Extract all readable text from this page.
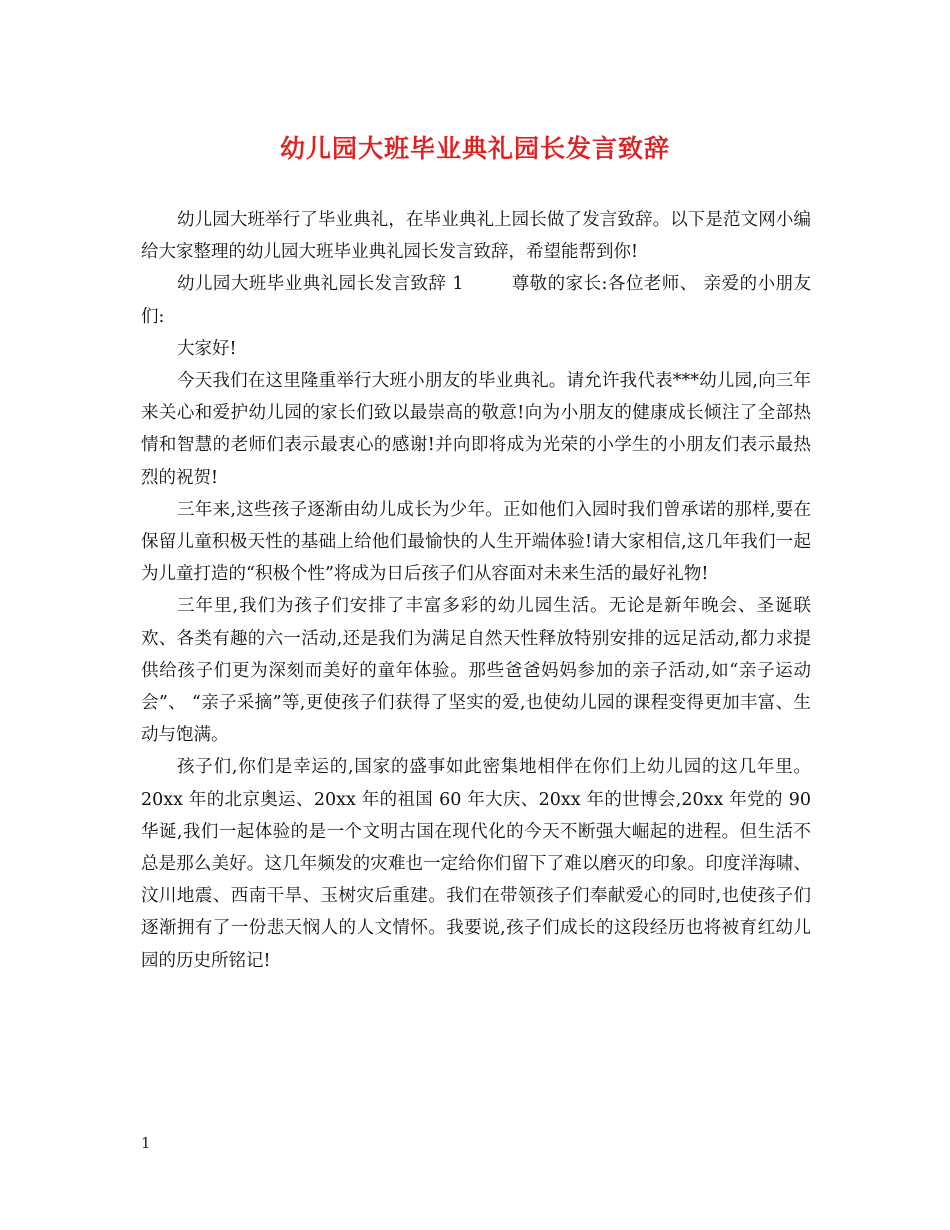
幼儿园大班毕业典礼园长发言致辞

幼儿园大班举行了毕业典礼，在毕业典礼上园长做了发言致辞。以下是范文网小编给大家整理的幼儿园大班毕业典礼园长发言致辞，希望能帮到你!

幼儿园大班毕业典礼园长发言致辞 1        尊敬的家长:各位老师、 亲爱的小朋友们:

大家好!

今天我们在这里隆重举行大班小朋友的毕业典礼。请允许我代表***幼儿园,向三年来关心和爱护幼儿园的家长们致以最崇高的敬意!向为小朋友的健康成长倾注了全部热情和智慧的老师们表示最衷心的感谢!并向即将成为光荣的小学生的小朋友们表示最热烈的祝贺!

三年来,这些孩子逐渐由幼儿成长为少年。正如他们入园时我们曾承诺的那样,要在保留儿童积极天性的基础上给他们最愉快的人生开端体验!请大家相信,这几年我们一起为儿童打造的“积极个性”将成为日后孩子们从容面对未来生活的最好礼物!

三年里,我们为孩子们安排了丰富多彩的幼儿园生活。无论是新年晚会、圣诞联欢、各类有趣的六一活动,还是我们为满足自然天性释放特别安排的远足活动,都力求提供给孩子们更为深刻而美好的童年体验。那些爸爸妈妈参加的亲子活动,如“亲子运动会”、 “亲子采摘”等,更使孩子们获得了坚实的爱,也使幼儿园的课程变得更加丰富、生动与饱满。

孩子们,你们是幸运的,国家的盛事如此密集地相伴在你们上幼儿园的这几年里。20xx 年的北京奥运、20xx 年的祖国 60 年大庆、20xx 年的世博会,20xx 年党的 90 华诞,我们一起体验的是一个文明古国在现代化的今天不断强大崛起的进程。但生活不总是那么美好。这几年频发的灾难也一定给你们留下了难以磨灭的印象。印度洋海啸、汶川地震、西南干旱、玉树灾后重建。我们在带领孩子们奉献爱心的同时,也使孩子们逐渐拥有了一份悲天悯人的人文情怀。我要说,孩子们成长的这段经历也将被育红幼儿园的历史所铭记!

1
